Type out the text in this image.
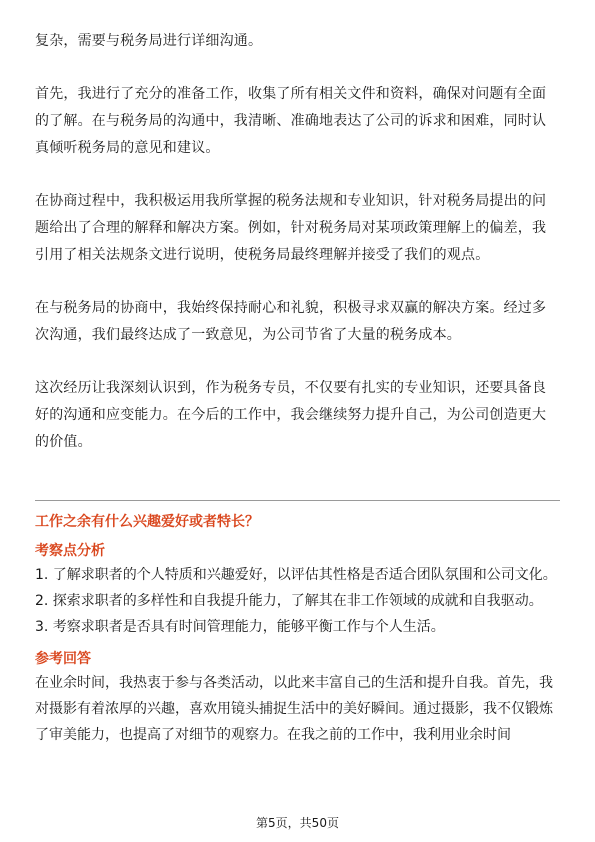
复杂，需要与税务局进行详细沟通。

首先，我进行了充分的准备工作，收集了所有相关文件和资料，确保对问题有全面的了解。在与税务局的沟通中，我清晰、准确地表达了公司的诉求和困难，同时认真倾听税务局的意见和建议。

在协商过程中，我积极运用我所掌握的税务法规和专业知识，针对税务局提出的问题给出了合理的解释和解决方案。例如，针对税务局对某项政策理解上的偏差，我引用了相关法规条文进行说明，使税务局最终理解并接受了我们的观点。

在与税务局的协商中，我始终保持耐心和礼貌，积极寻求双赢的解决方案。经过多次沟通，我们最终达成了一致意见，为公司节省了大量的税务成本。

这次经历让我深刻认识到，作为税务专员，不仅要有扎实的专业知识，还要具备良好的沟通和应变能力。在今后的工作中，我会继续努力提升自己，为公司创造更大的价值。

工作之余有什么兴趣爱好或者特长？

考察点分析

1. 了解求职者的个人特质和兴趣爱好，以评估其性格是否适合团队氛围和公司文化。

2. 探索求职者的多样性和自我提升能力，了解其在非工作领域的成就和自我驱动。

3. 考察求职者是否具有时间管理能力，能够平衡工作与个人生活。

参考回答

在业余时间，我热衷于参与各类活动，以此来丰富自己的生活和提升自我。首先，我对摄影有着浓厚的兴趣，喜欢用镜头捕捉生活中的美好瞬间。通过摄影，我不仅锻炼了审美能力，也提高了对细节的观察力。在我之前的工作中，我利用业余时间

第5页，共50页
